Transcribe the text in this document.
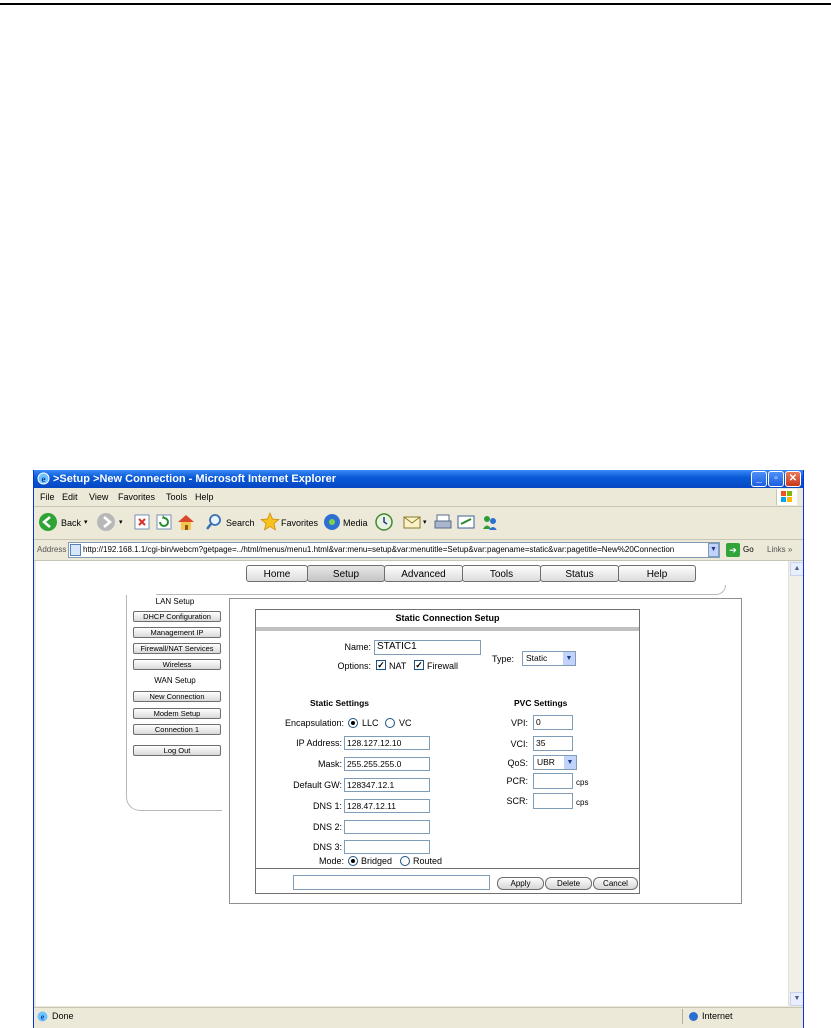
e >Setup >New Connection - Microsoft Internet Explorer	_	▫	✕
File Edit View Favorites Tools Help
Back ▾	▾	Search	Favorites	Media	▾
Address	http://192.168.1.1/cgi-bin/webcm?getpage=../html/menus/menu1.html&var:menu=setup&var:menutitle=Setup&var:pagename=static&var:pagetitle=New%20Connection	▼	➔ Go Links »
Home	Setup	Advanced	Tools	Status	Help
LAN Setup
DHCP Configuration
Management IP
Firewall/NAT Services
Wireless
WAN Setup
New Connection
Modem Setup
Connection 1
Log Out
Static Connection Setup
Name: STATIC1
Options: ✓ NAT ✓ Firewall
Type:	Static	▼
Static Settings	PVC Settings
Encapsulation: LLC VC
IP Address: 128.127.12.10
Mask: 255.255.255.0
Default GW: 128347.12.1
DNS 1: 128.47.12.11
DNS 2:
DNS 3:
Mode: Bridged Routed
VPI: 0
VCI: 35
QoS:	UBR	▼
PCR:	cps
SCR:	cps
Apply	Delete	Cancel
▲
▼
e Done	Internet
